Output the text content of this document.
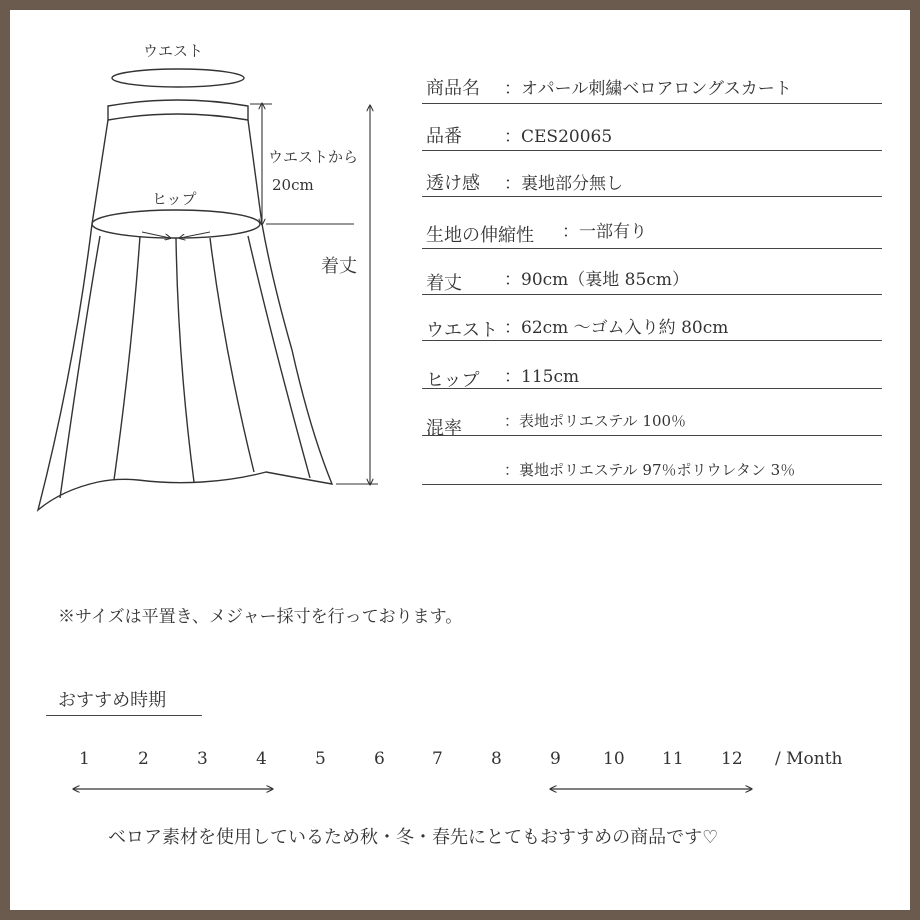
ウエスト
ウエストから
20cm
ヒップ
着丈
商品名 ：オパール刺繍ベロアロングスカート
品番 ：CES20065
透け感 ：裏地部分無し
生地の伸縮性 ：一部有り
着丈 ：90cm（裏地 85cm）
ウエスト ：62cm 〜ゴム入り約 80cm
ヒップ ：115cm
混率	：表地ポリエステル 100％
：裏地ポリエステル 97％ポリウレタン 3％
※サイズは平置き、メジャー採寸を行っております。
おすすめ時期
1	2	3	4	5	6	7	8	9 10 11 12 / Month
ベロア素材を使用しているため秋・冬・春先にとてもおすすめの商品です♡
